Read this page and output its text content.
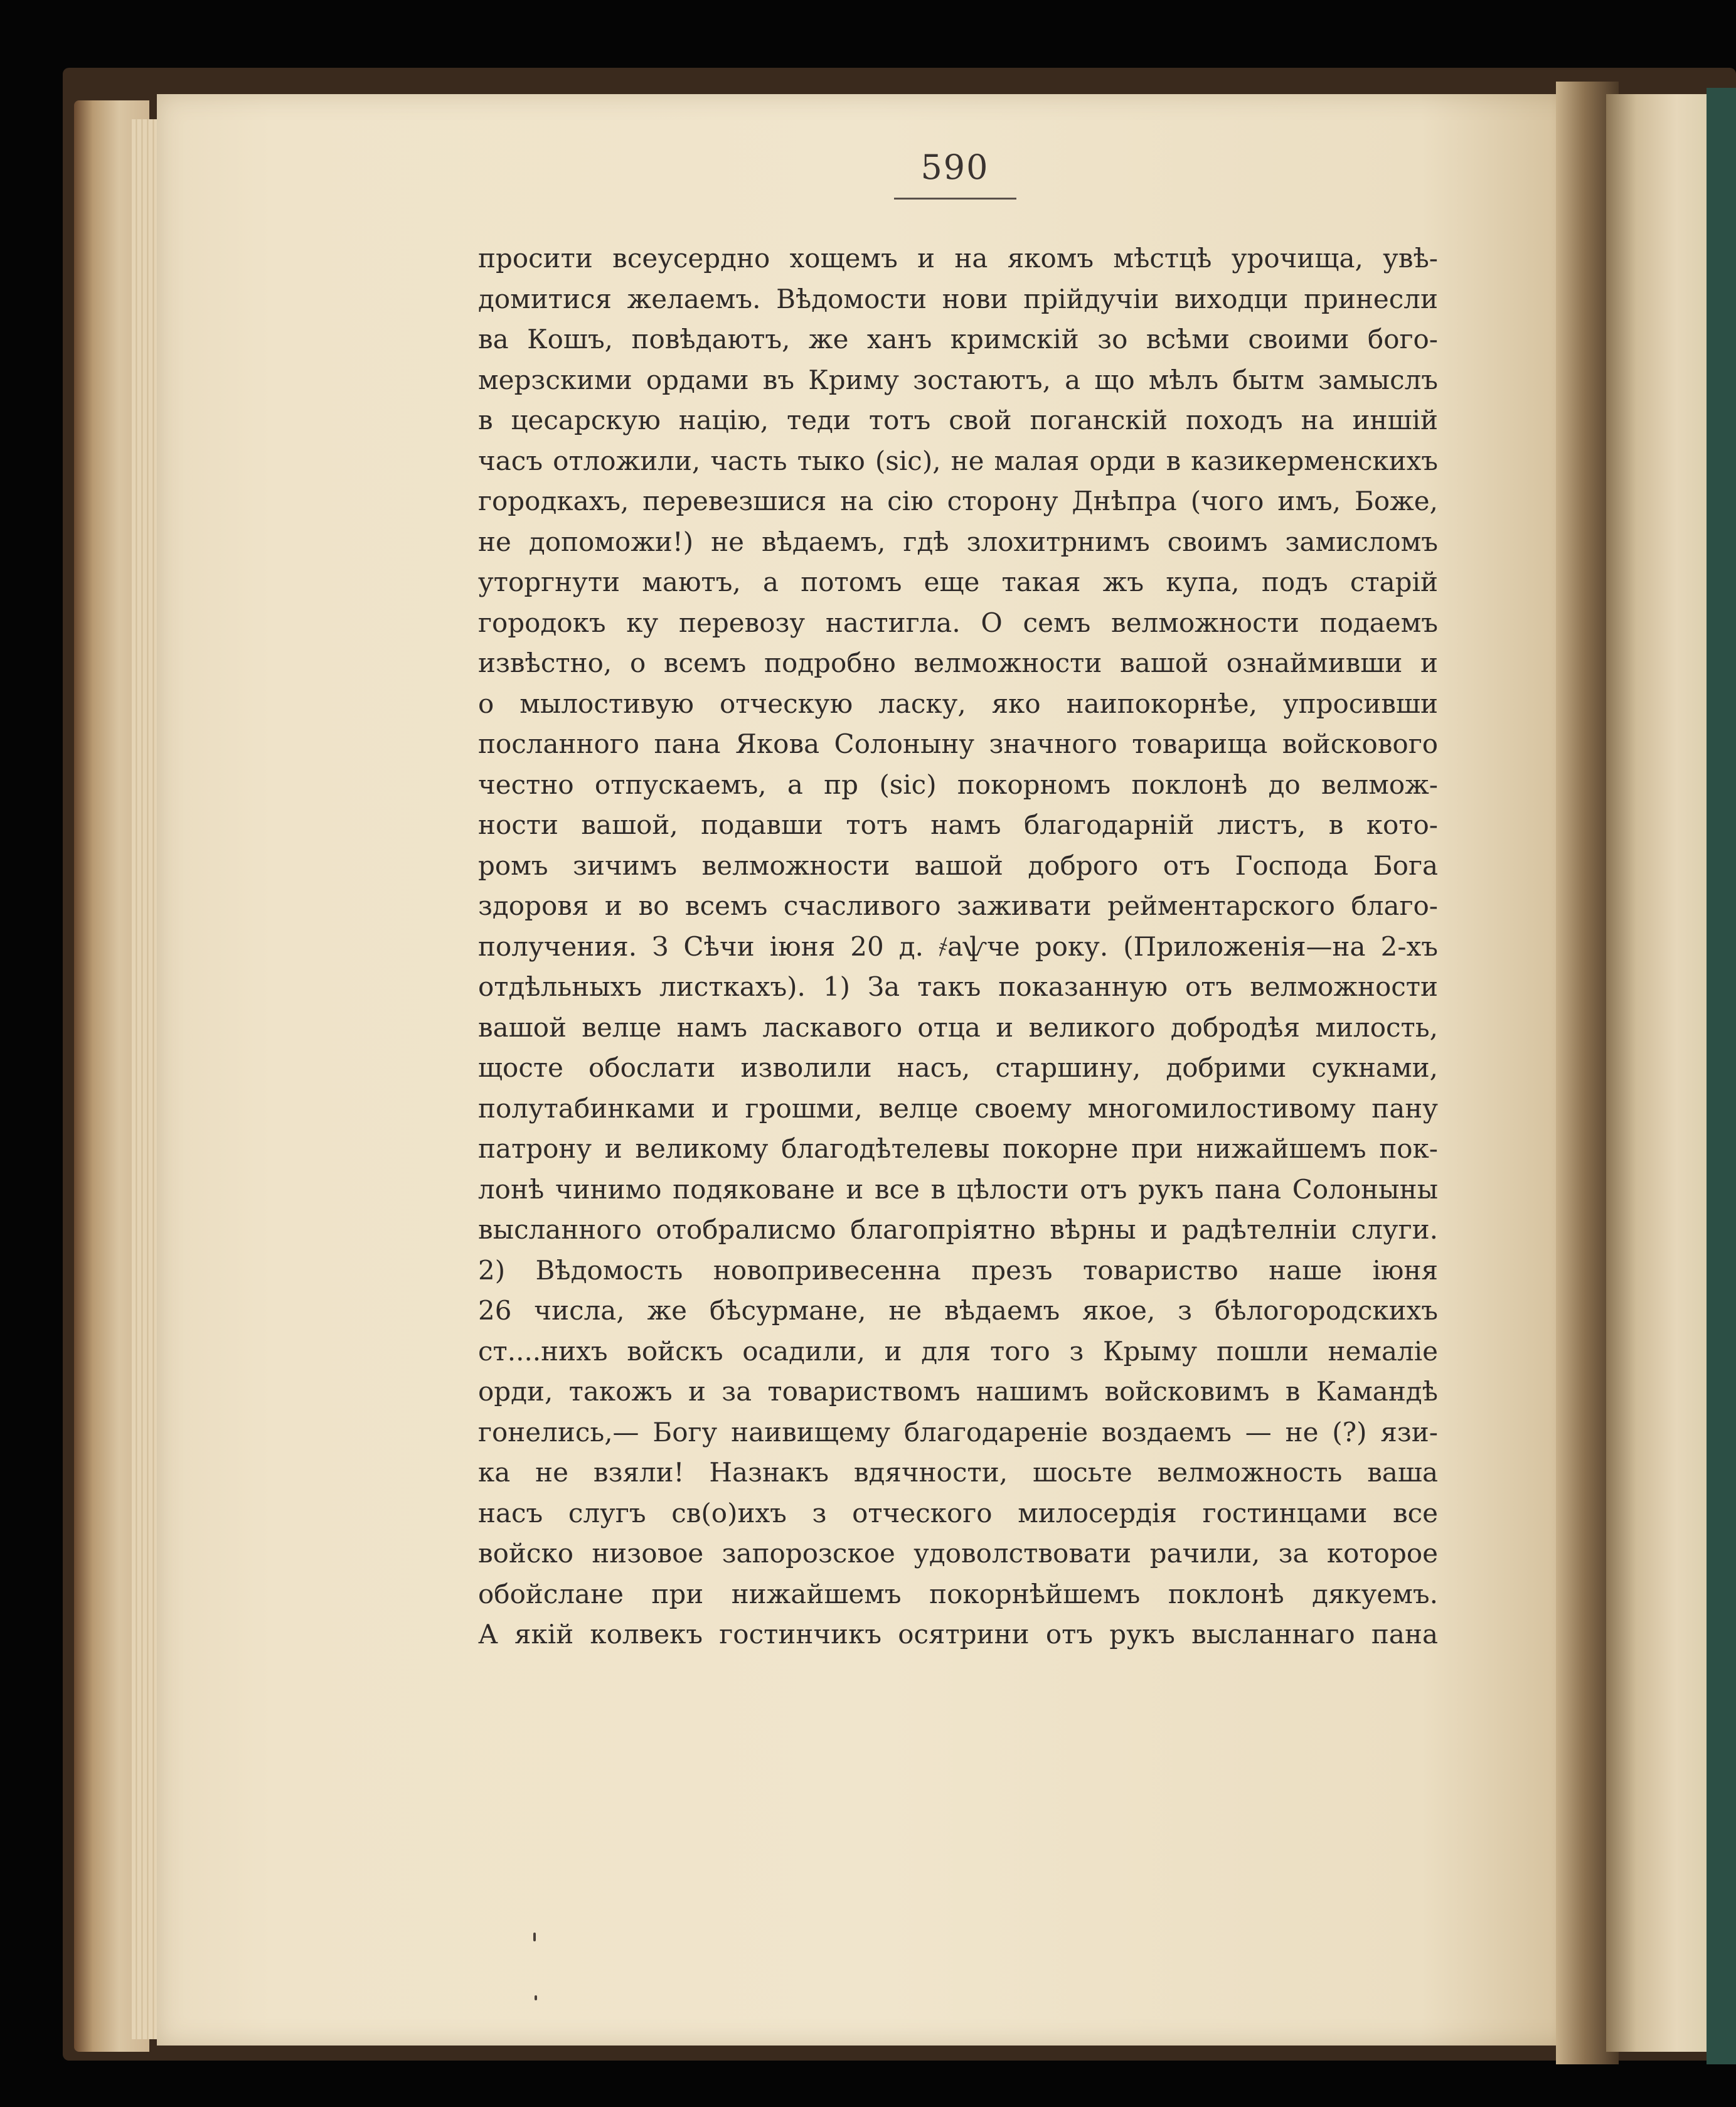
590
просити всеусердно хощемъ и на якомъ мѣстцѣ урочища, увѣ-
домитися желаемъ. Вѣдомости нови прійдучіи виходци принесли
ва Кошъ, повѣдаютъ, же ханъ кримскій зо всѣми своими бого-
мерзскими ордами въ Криму зостаютъ, а що мѣлъ бытм замыслъ
в цесарскую націю, теди тотъ свой поганскій походъ на иншій
часъ отложили, часть тыко (sic), не малая орди в казикерменскихъ
городкахъ, перевезшися на сію сторону Днѣпра (чого имъ, Боже,
не допоможи!) не вѣдаемъ, гдѣ злохитрнимъ своимъ замисломъ
уторгнути маютъ, а потомъ еще такая жъ купа, подъ старій
городокъ ку перевозу настигла. О семъ велможности подаемъ
извѣстно, о всемъ подробно велможности вашой ознаймивши и
о мылостивую отческую ласку, яко наипокорнѣе, упросивши
посланного пана Якова Солоныну значного товарища войскового
честно отпускаемъ, а пр (sic) покорномъ поклонѣ до велмож-
ности вашой, подавши тотъ намъ благодарній листъ, в кото-
ромъ зичимъ велможности вашой доброго отъ Господа Бога
здоровя и во всемъ счасливого заживати рейментарского благо-
получения. З Сѣчи іюня 20 д. ҂аѱче року. (Приложенія—на 2-хъ
отдѣльныхъ листкахъ). 1) За такъ показанную отъ велможности
вашой велце намъ ласкавого отца и великого добродѣя милость,
щосте обослати изволили насъ, старшину, добрими сукнами,
полутабинками и грошми, велце своему многомилостивому пану
патрону и великому благодѣтелевы покорне при нижайшемъ пок-
лонѣ чинимо подяковане и все в цѣлости отъ рукъ пана Солоныны
высланного отобралисмо благопріятно вѣрны и радѣтелніи слуги.
2) Вѣдомость новопривесенна презъ товариство наше іюня
26 числа, же бѣсурмане, не вѣдаемъ якое, з бѣлогородскихъ
ст....нихъ войскъ осадили, и для того з Крыму пошли немаліе
орди, такожъ и за товариствомъ нашимъ войсковимъ в Камандѣ
гонелись,— Богу наивищему благодареніе воздаемъ — не (?) язи-
ка не взяли! Назнакъ вдячности, шосьте велможность ваша
насъ слугъ св(о)ихъ з отческого милосердія гостинцами все
войско низовое запорозское удоволствовати рачили, за которое
обойслане при нижайшемъ покорнѣйшемъ поклонѣ дякуемъ.
А якій колвекъ гостинчикъ осятрини отъ рукъ высланнаго пана
